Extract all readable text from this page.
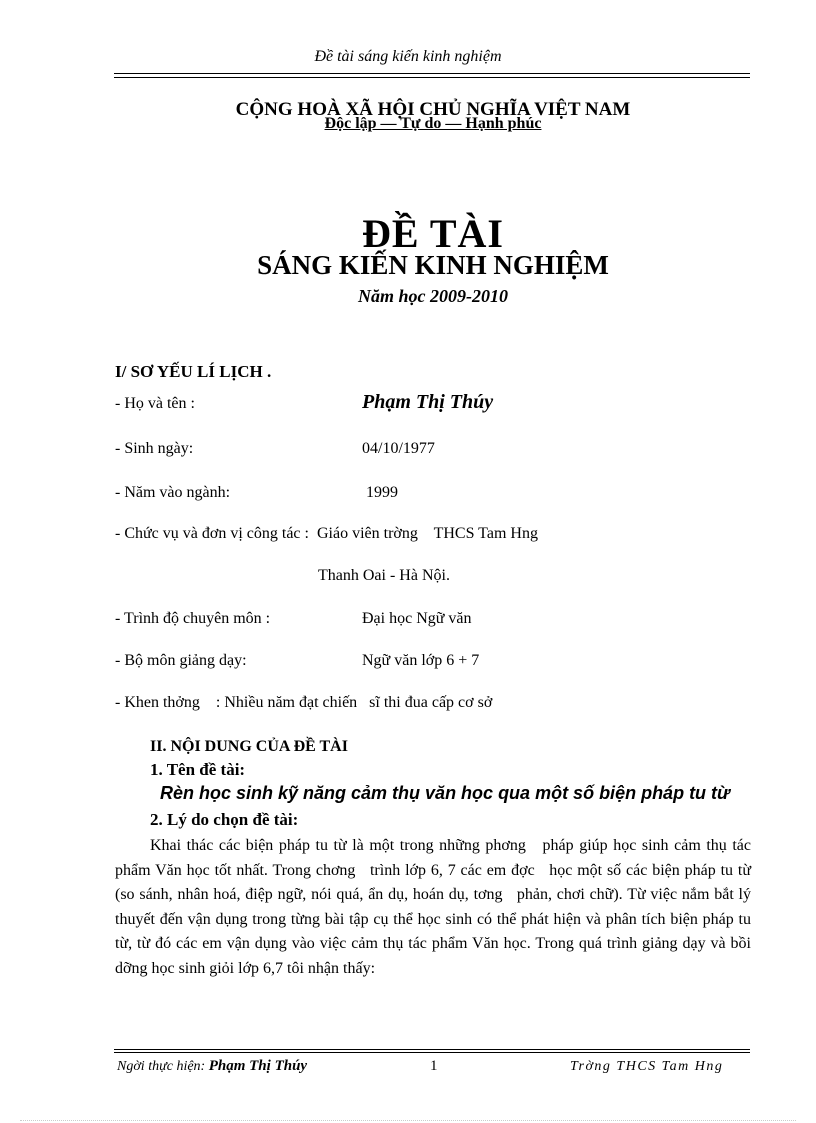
Đề tài sáng kiến kinh nghiệm
CỘNG HOÀ XÃ HỘI CHỦ NGHĨA VIỆT NAM
Độc lập — Tự do — Hạnh phúc
ĐỀ TÀI
SÁNG KIẾN KINH NGHIỆM
Năm học 2009-2010
I/ SƠ YẾU LÍ LỊCH .
- Họ và tên :	Phạm Thị Thúy
- Sinh ngày:	04/10/1977
- Năm vào ngành:	1999
- Chức vụ và đơn vị công tác :  Giáo viên trờng    THCS Tam Hng
Thanh Oai - Hà Nội.
- Trình độ chuyên môn :	Đại học Ngữ văn
- Bộ môn giảng dạy:	Ngữ văn lớp 6 + 7
- Khen thởng    : Nhiều năm đạt chiến   sĩ thi đua cấp cơ sở
II. NỘI DUNG CỦA ĐỀ TÀI
1. Tên đề tài:
Rèn học sinh kỹ năng cảm thụ văn học qua một số biện pháp tu từ
2. Lý do chọn đề tài:
Khai thác các biện pháp tu từ là một trong những phơng   pháp giúp học sinh cảm thụ tác phẩm Văn học tốt nhất. Trong chơng   trình lớp 6, 7 các em đợc   học một số các biện pháp tu từ (so sánh, nhân hoá, điệp ngữ, nói quá, ẩn dụ, hoán dụ, tơng   phản, chơi chữ). Từ việc nắm bắt lý thuyết đến vận dụng trong từng bài tập cụ thể học sinh có thể phát hiện và phân tích biện pháp tu từ, từ đó các em vận dụng vào việc cảm thụ tác phẩm Văn học. Trong quá trình giảng dạy và bồi dỡng học sinh giỏi lớp 6,7 tôi nhận thấy:
Ngời thực hiện: Phạm Thị Thúy	1	Trờng THCS Tam Hng
